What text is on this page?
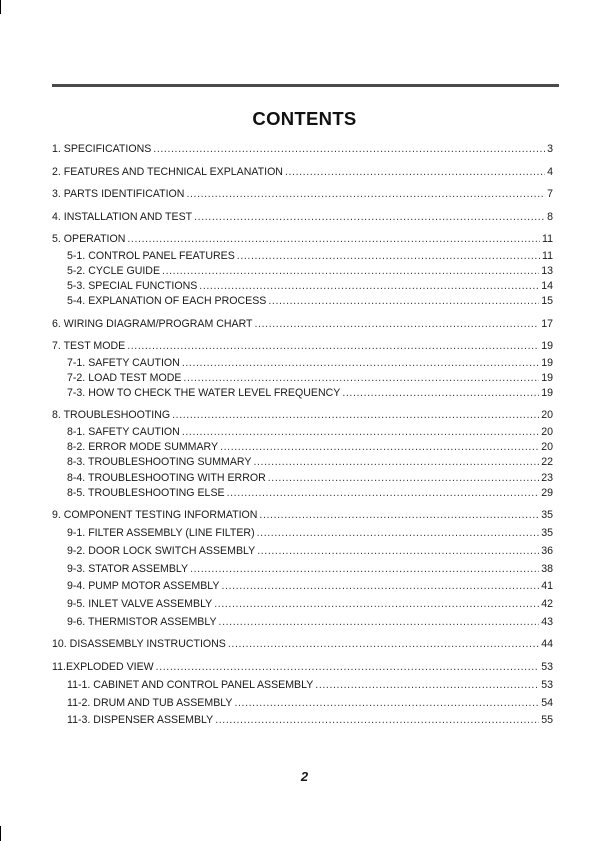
CONTENTS
1. SPECIFICATIONS .....	3
2. FEATURES AND TECHNICAL EXPLANATION .....	4
3. PARTS IDENTIFICATION .....	7
4. INSTALLATION AND TEST .....	8
5. OPERATION .....	11
5-1. CONTROL PANEL FEATURES .....	11
5-2. CYCLE GUIDE .....	13
5-3. SPECIAL FUNCTIONS .....	14
5-4. EXPLANATION OF EACH PROCESS .....	15
6. WIRING DIAGRAM/PROGRAM CHART .....	17
7. TEST MODE .....	19
7-1. SAFETY CAUTION .....	19
7-2. LOAD TEST MODE .....	19
7-3. HOW TO CHECK THE WATER LEVEL FREQUENCY .....	19
8. TROUBLESHOOTING .....	20
8-1. SAFETY CAUTION .....	20
8-2. ERROR MODE SUMMARY .....	20
8-3. TROUBLESHOOTING SUMMARY .....	22
8-4. TROUBLESHOOTING WITH ERROR .....	23
8-5. TROUBLESHOOTING ELSE .....	29
9. COMPONENT TESTING INFORMATION .....	35
9-1. FILTER ASSEMBLY (LINE FILTER) .....	35
9-2. DOOR LOCK SWITCH ASSEMBLY .....	36
9-3. STATOR ASSEMBLY .....	38
9-4. PUMP MOTOR ASSEMBLY .....	41
9-5. INLET VALVE ASSEMBLY .....	42
9-6. THERMISTOR ASSEMBLY .....	43
10. DISASSEMBLY INSTRUCTIONS .....	44
11.EXPLODED VIEW .....	53
11-1. CABINET AND CONTROL PANEL ASSEMBLY .....	53
11-2. DRUM AND TUB ASSEMBLY .....	54
11-3. DISPENSER ASSEMBLY .....	55
2
